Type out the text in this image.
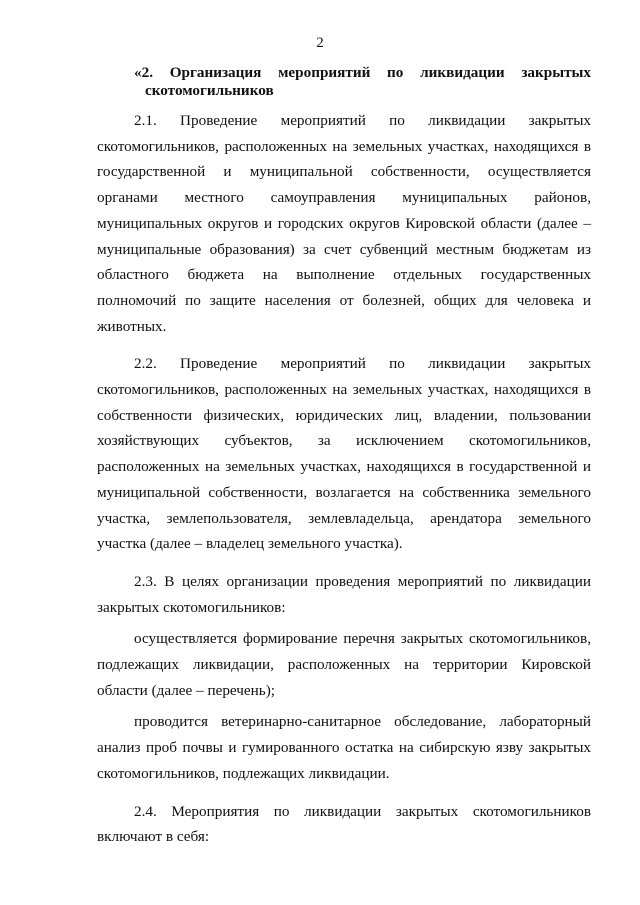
2
«2. Организация мероприятий по ликвидации закрытых
скотомогильников

2.1. Проведение мероприятий по ликвидации закрытых скотомогильников, расположенных на земельных участках, находящихся в государственной и муниципальной собственности, осуществляется органами местного самоуправления муниципальных районов, муниципальных округов и городских округов Кировской области (далее – муниципальные образования) за счет субвенций местным бюджетам из областного бюджета на выполнение отдельных государственных полномочий по защите населения от болезней, общих для человека и животных.

2.2. Проведение мероприятий по ликвидации закрытых скотомогильников, расположенных на земельных участках, находящихся в собственности физических, юридических лиц, владении, пользовании хозяйствующих субъектов, за исключением скотомогильников, расположенных на земельных участках, находящихся в государственной и муниципальной собственности, возлагается на собственника земельного участка, землепользователя, землевладельца, арендатора земельного участка (далее – владелец земельного участка).

2.3. В целях организации проведения мероприятий по ликвидации закрытых скотомогильников:

осуществляется формирование перечня закрытых скотомогильников, подлежащих ликвидации, расположенных на территории Кировской области (далее – перечень);

проводится ветеринарно-санитарное обследование, лабораторный анализ проб почвы и гумированного остатка на сибирскую язву закрытых скотомогильников, подлежащих ликвидации.

2.4. Мероприятия по ликвидации закрытых скотомогильников включают в себя:
